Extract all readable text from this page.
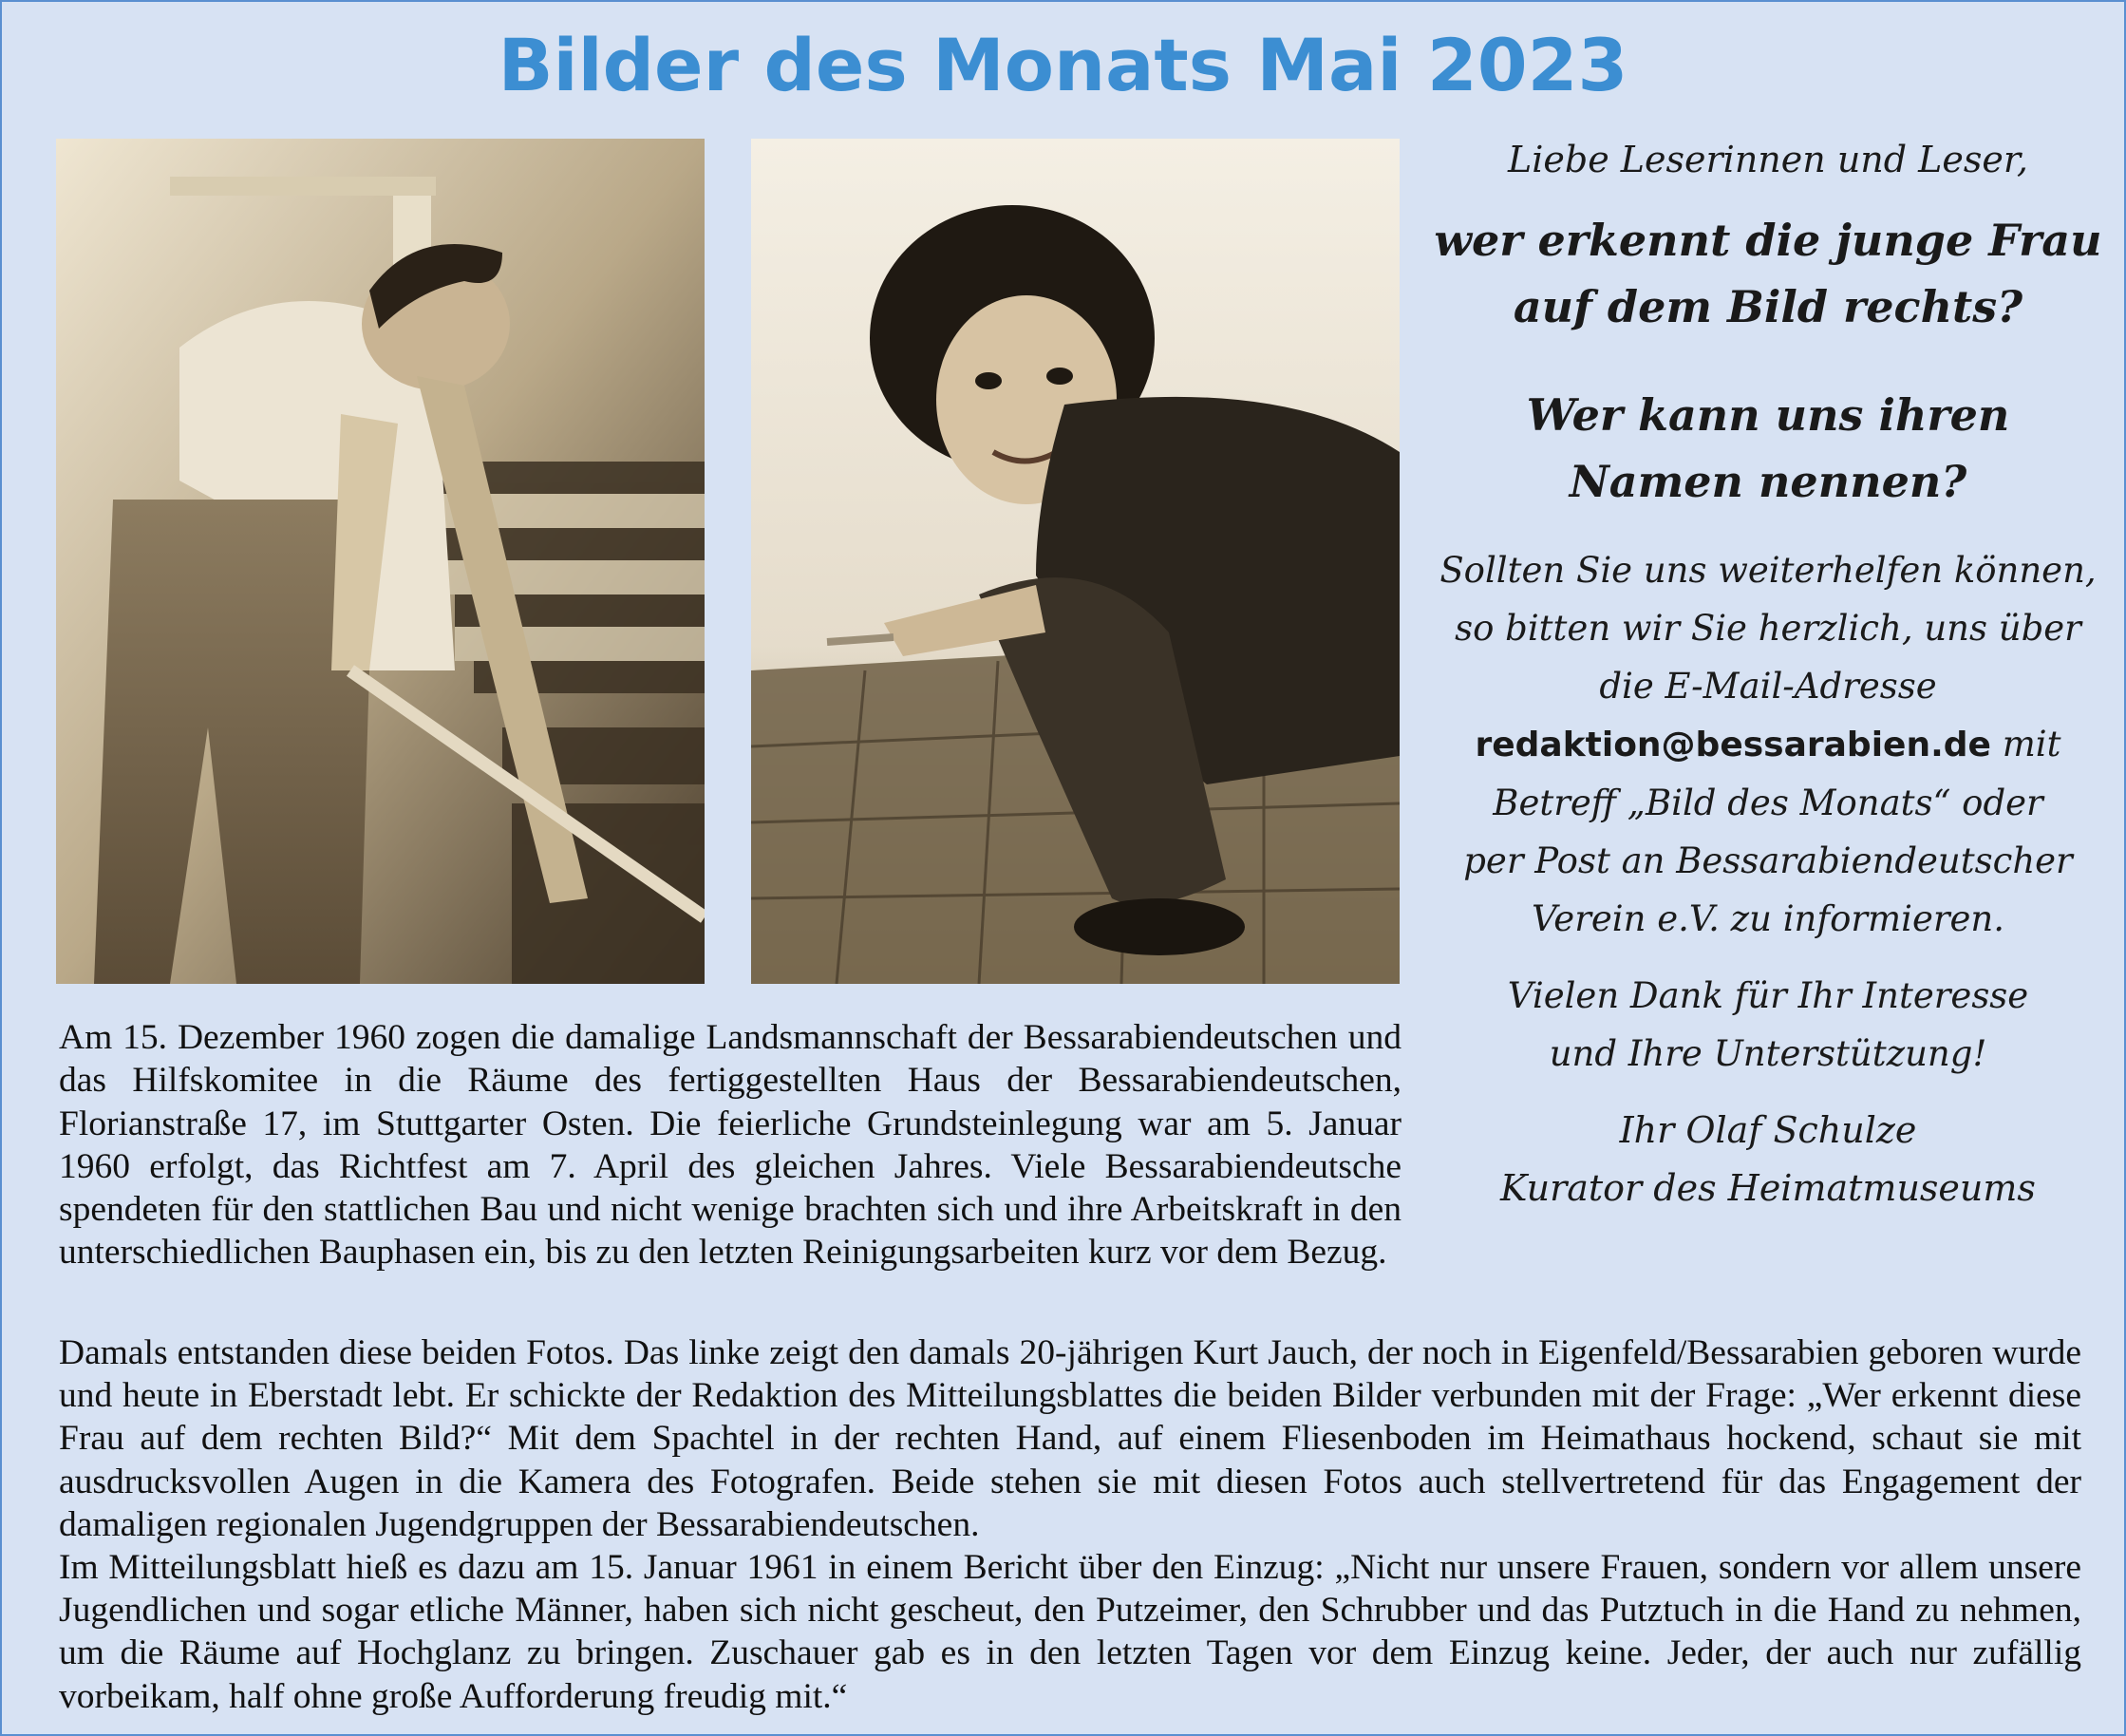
Bilder des Monats Mai 2023
Liebe Leserinnen und Leser,
wer erkennt die junge Frau
auf dem Bild rechts?
Wer kann uns ihren
Namen nennen?
Sollten Sie uns weiterhelfen können,
so bitten wir Sie herzlich, uns über
die E-Mail-Adresse
redaktion@bessarabien.de mit
Betreff „Bild des Monats“ oder
per Post an Bessarabiendeutscher
Verein e.V. zu informieren.
Vielen Dank für Ihr Interesse
und Ihre Unterstützung!
Ihr Olaf Schulze
Kurator des Heimatmuseums

Am 15. Dezember 1960 zogen die damalige Landsmannschaft der Bessarabiendeutschen und das Hilfskomitee in die Räume des fertiggestellten Haus der Bessarabiendeutschen, Florianstraße 17, im Stuttgarter Osten. Die feierliche Grundsteinlegung war am 5. Januar 1960 erfolgt, das Richtfest am 7. April des gleichen Jahres. Viele Bessarabiendeutsche spendeten für den stattlichen Bau und nicht wenige brachten sich und ihre Arbeitskraft in den unterschiedlichen Bauphasen ein, bis zu den letzten Reinigungsarbeiten kurz vor dem Bezug.

Damals entstanden diese beiden Fotos. Das linke zeigt den damals 20-jährigen Kurt Jauch, der noch in Eigenfeld/Bessarabien geboren wurde und heute in Eberstadt lebt. Er schickte der Redaktion des Mitteilungsblattes die beiden Bilder verbunden mit der Frage: „Wer erkennt diese Frau auf dem rechten Bild?“ Mit dem Spachtel in der rechten Hand, auf einem Fliesenboden im Heimathaus hockend, schaut sie mit ausdrucksvollen Augen in die Kamera des Fotografen. Beide stehen sie mit diesen Fotos auch stellvertretend für das Engagement der damaligen regionalen Jugendgruppen der Bessarabiendeutschen.

Im Mitteilungsblatt hieß es dazu am 15. Januar 1961 in einem Bericht über den Einzug: „Nicht nur unsere Frauen, sondern vor allem unsere Jugendlichen und sogar etliche Männer, haben sich nicht gescheut, den Putzeimer, den Schrubber und das Putztuch in die Hand zu nehmen, um die Räume auf Hochglanz zu bringen. Zuschauer gab es in den letzten Tagen vor dem Einzug keine. Jeder, der auch nur zufällig vorbeikam, half ohne große Aufforderung freudig mit.“
